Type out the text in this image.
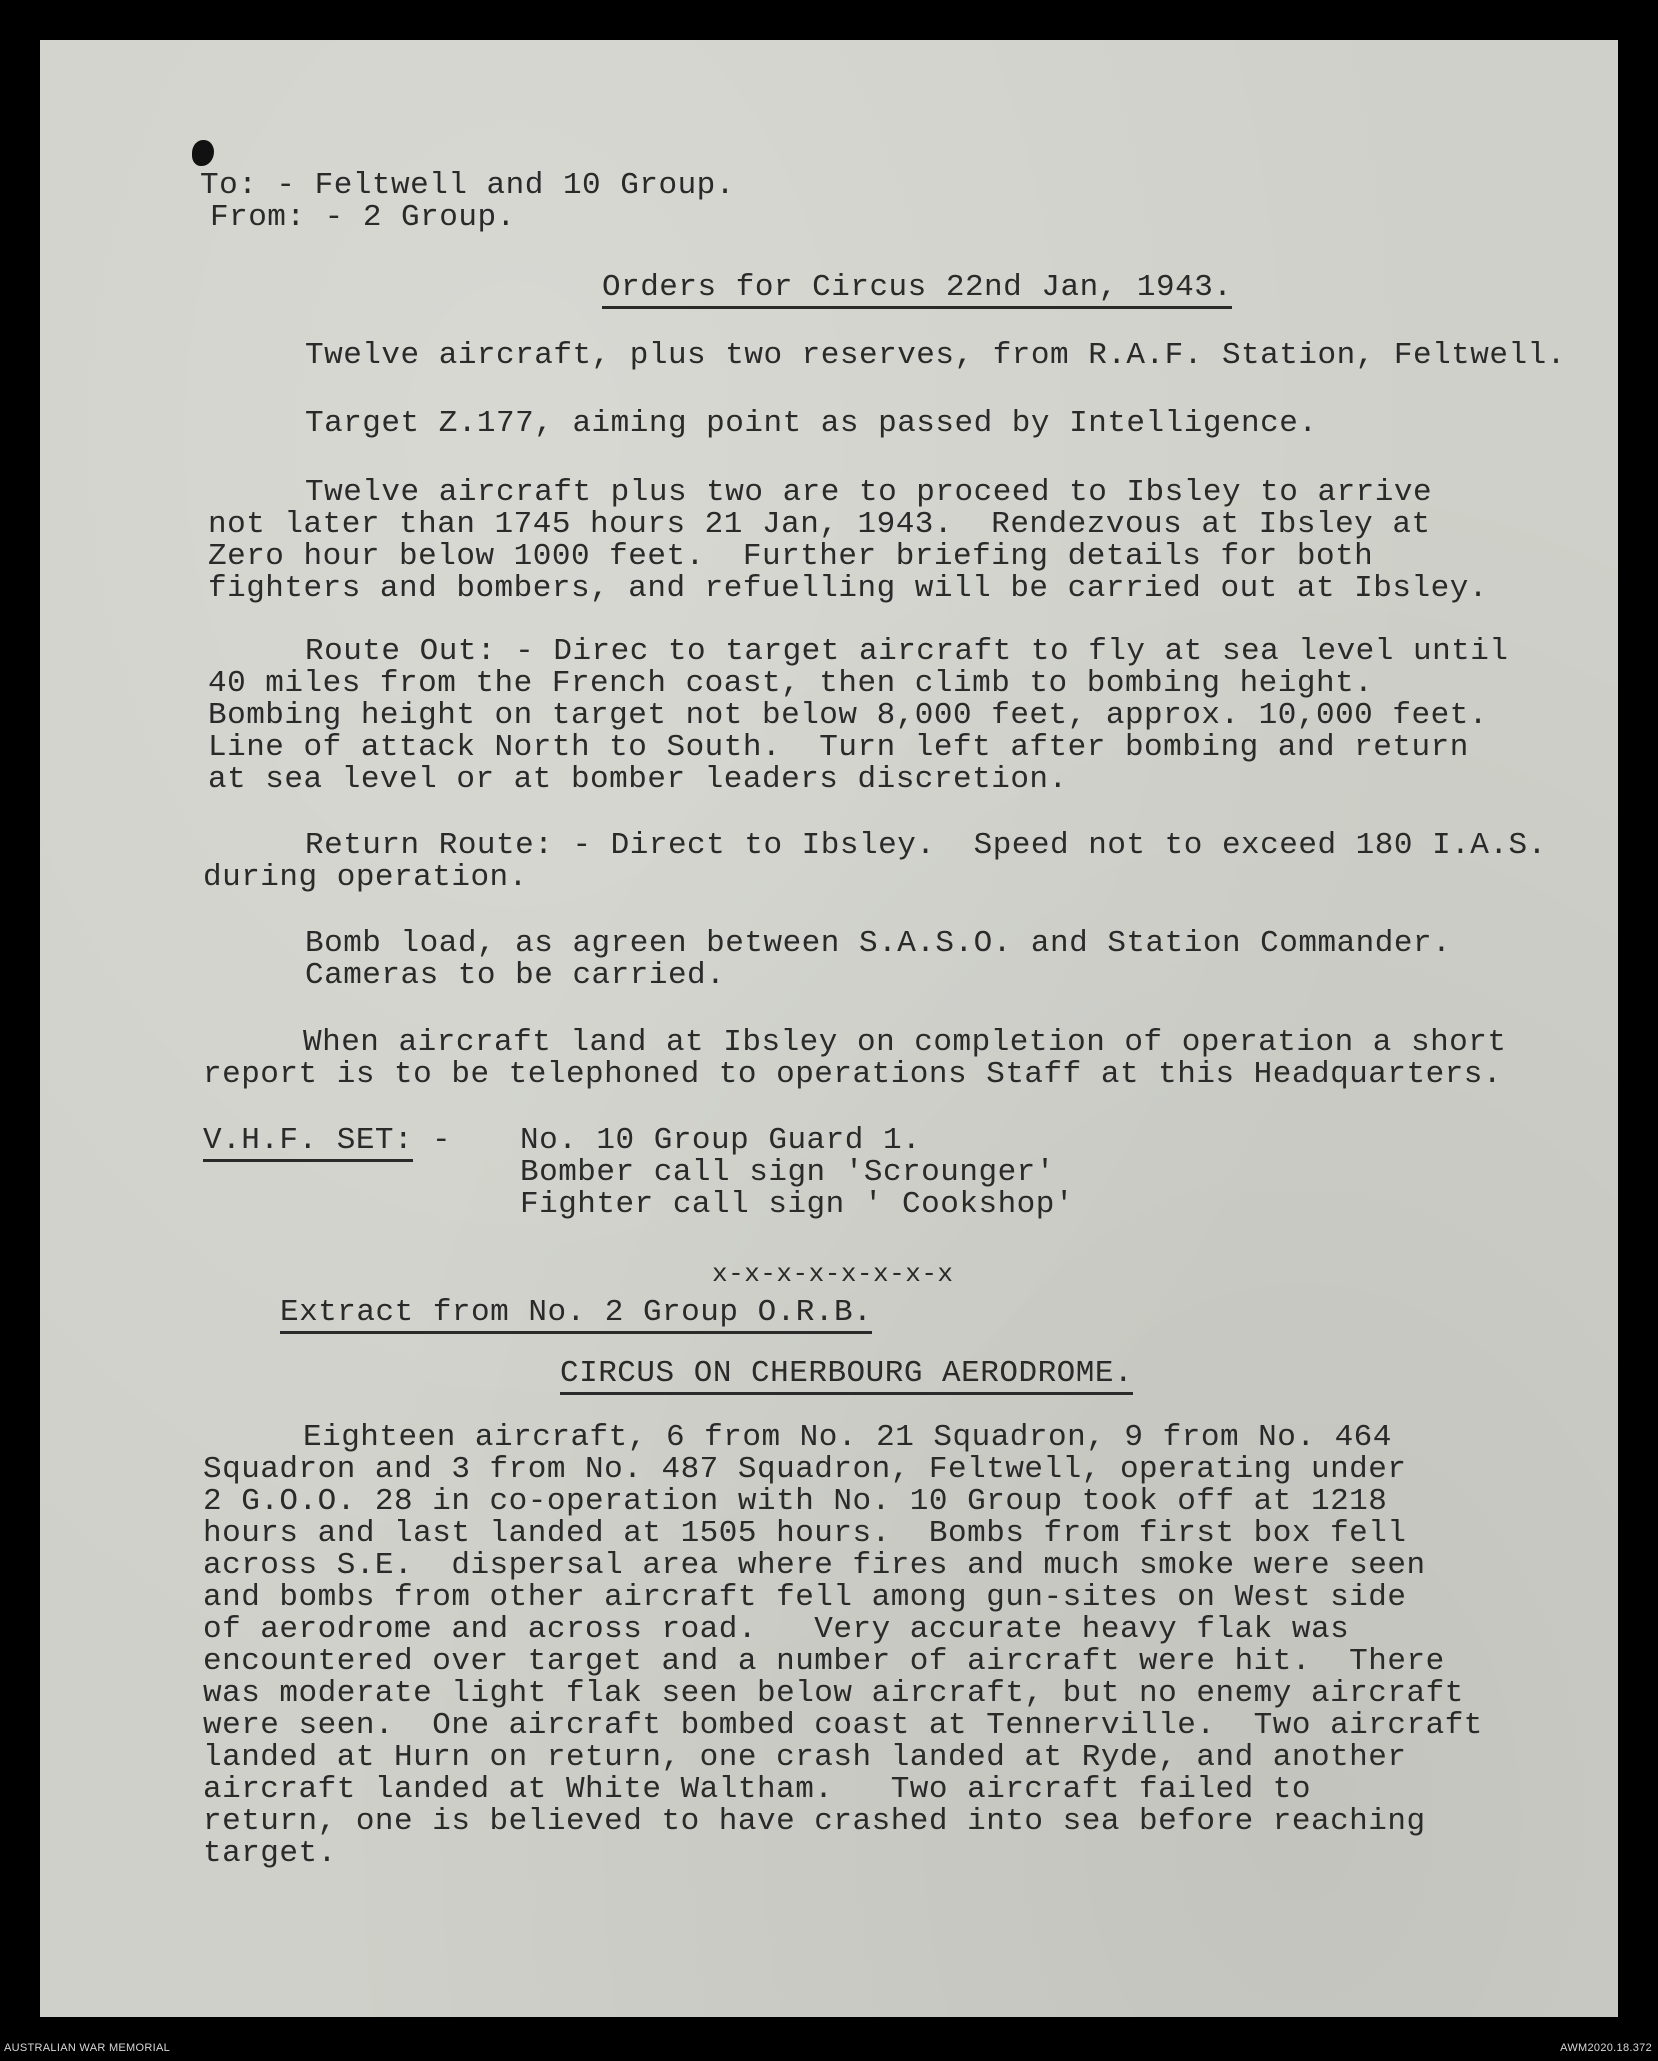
To: - Feltwell and 10 Group.
From: - 2 Group.
Orders for Circus 22nd Jan, 1943.
Twelve aircraft, plus two reserves, from R.A.F. Station, Feltwell.
Target Z.177, aiming point as passed by Intelligence.
Twelve aircraft plus two are to proceed to Ibsley to arrive
not later than 1745 hours 21 Jan, 1943.  Rendezvous at Ibsley at
Zero hour below 1000 feet.  Further briefing details for both
fighters and bombers, and refuelling will be carried out at Ibsley.
Route Out: - Direc to target aircraft to fly at sea level until
40 miles from the French coast, then climb to bombing height.
Bombing height on target not below 8,000 feet, approx. 10,000 feet.
Line of attack North to South.  Turn left after bombing and return
at sea level or at bomber leaders discretion.
Return Route: - Direct to Ibsley.  Speed not to exceed 180 I.A.S.
during operation.
Bomb load, as agreen between S.A.S.O. and Station Commander.
Cameras to be carried.
When aircraft land at Ibsley on completion of operation a short
report is to be telephoned to operations Staff at this Headquarters.
V.H.F. SET: - No. 10 Group Guard 1.
Bomber call sign 'Scrounger'
Fighter call sign ' Cookshop'
x-x-x-x-x-x-x-x
Extract from No. 2 Group O.R.B.
CIRCUS ON CHERBOURG AERODROME.
Eighteen aircraft, 6 from No. 21 Squadron, 9 from No. 464
Squadron and 3 from No. 487 Squadron, Feltwell, operating under
2 G.O.O. 28 in co-operation with No. 10 Group took off at 1218
hours and last landed at 1505 hours.  Bombs from first box fell
across S.E.  dispersal area where fires and much smoke were seen
and bombs from other aircraft fell among gun-sites on West side
of aerodrome and across road.   Very accurate heavy flak was
encountered over target and a number of aircraft were hit.  There
was moderate light flak seen below aircraft, but no enemy aircraft
were seen.  One aircraft bombed coast at Tennerville.  Two aircraft
landed at Hurn on return, one crash landed at Ryde, and another
aircraft landed at White Waltham.   Two aircraft failed to
return, one is believed to have crashed into sea before reaching
target.
AUSTRALIAN WAR MEMORIAL	AWM2020.18.372
